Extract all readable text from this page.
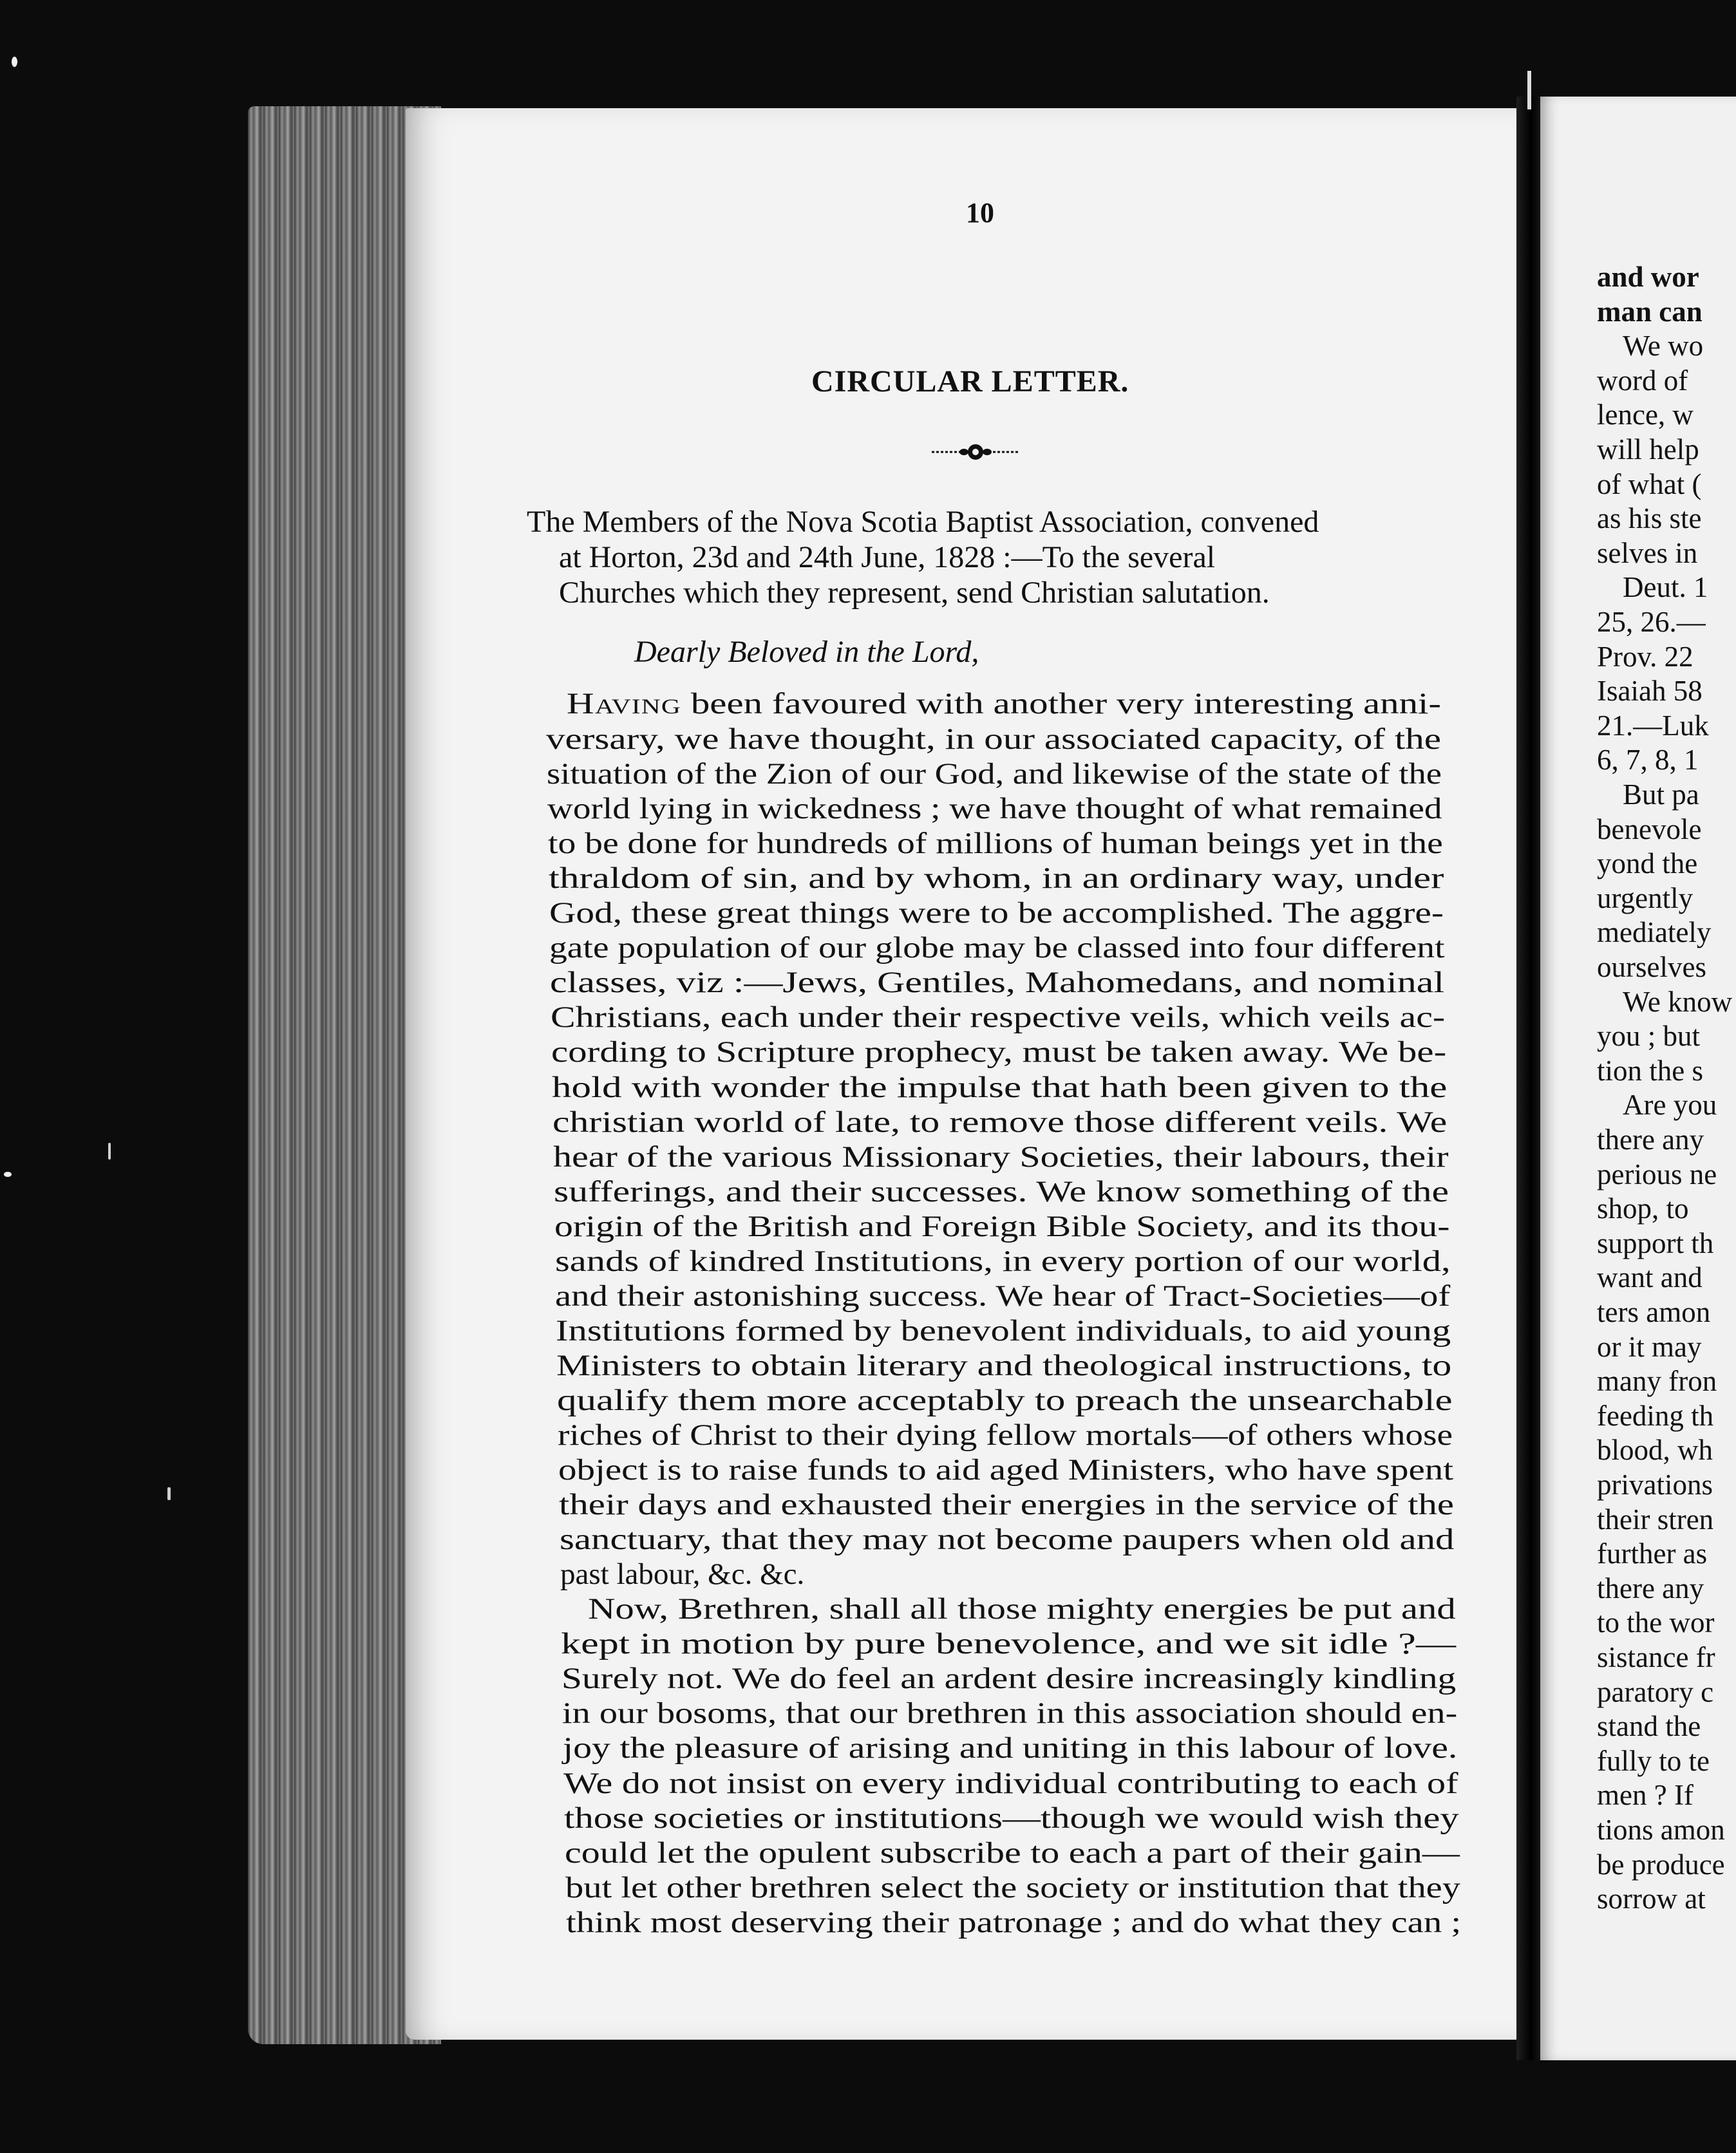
10
CIRCULAR LETTER.
The Members of the Nova Scotia Baptist Association, convened
at Horton, 23d and 24th June, 1828 :—To the several
Churches which they represent, send Christian salutation.
Dearly Beloved in the Lord,
Having been favoured with another very interesting anni-
versary, we have thought, in our associated capacity, of the
situation of the Zion of our God, and likewise of the state of the
world lying in wickedness ; we have thought of what remained
to be done for hundreds of millions of human beings yet in the
thraldom of sin, and by whom, in an ordinary way, under
God, these great things were to be accomplished. The aggre-
gate population of our globe may be classed into four different
classes, viz :—Jews, Gentiles, Mahomedans, and nominal
Christians, each under their respective veils, which veils ac-
cording to Scripture prophecy, must be taken away. We be-
hold with wonder the impulse that hath been given to the
christian world of late, to remove those different veils. We
hear of the various Missionary Societies, their labours, their
sufferings, and their successes. We know something of the
origin of the British and Foreign Bible Society, and its thou-
sands of kindred Institutions, in every portion of our world,
and their astonishing success. We hear of Tract-Societies—of
Institutions formed by benevolent individuals, to aid young
Ministers to obtain literary and theological instructions, to
qualify them more acceptably to preach the unsearchable
riches of Christ to their dying fellow mortals—of others whose
object is to raise funds to aid aged Ministers, who have spent
their days and exhausted their energies in the service of the
sanctuary, that they may not become paupers when old and
past labour, &c. &c.
Now, Brethren, shall all those mighty energies be put and
kept in motion by pure benevolence, and we sit idle ?—
Surely not. We do feel an ardent desire increasingly kindling
in our bosoms, that our brethren in this association should en-
joy the pleasure of arising and uniting in this labour of love.
We do not insist on every individual contributing to each of
those societies or institutions—though we would wish they
could let the opulent subscribe to each a part of their gain—
but let other brethren select the society or institution that they
think most deserving their patronage ; and do what they can ;
and wor
man can
We wo
word of
lence, w
will help
of what (
as his ste
selves in
Deut. 1
25, 26.—
Prov. 22
Isaiah 58
21.—Luk
6, 7, 8, 1
But pa
benevole
yond the
urgently
mediately
ourselves
We know
you ; but
tion the s
Are you
there any
perious ne
shop, to
support th
want and
ters amon
or it may
many fron
feeding th
blood, wh
privations
their stren
further as
there any
to the wor
sistance fr
paratory c
stand the
fully to te
men ? If
tions amon
be produce
sorrow at
